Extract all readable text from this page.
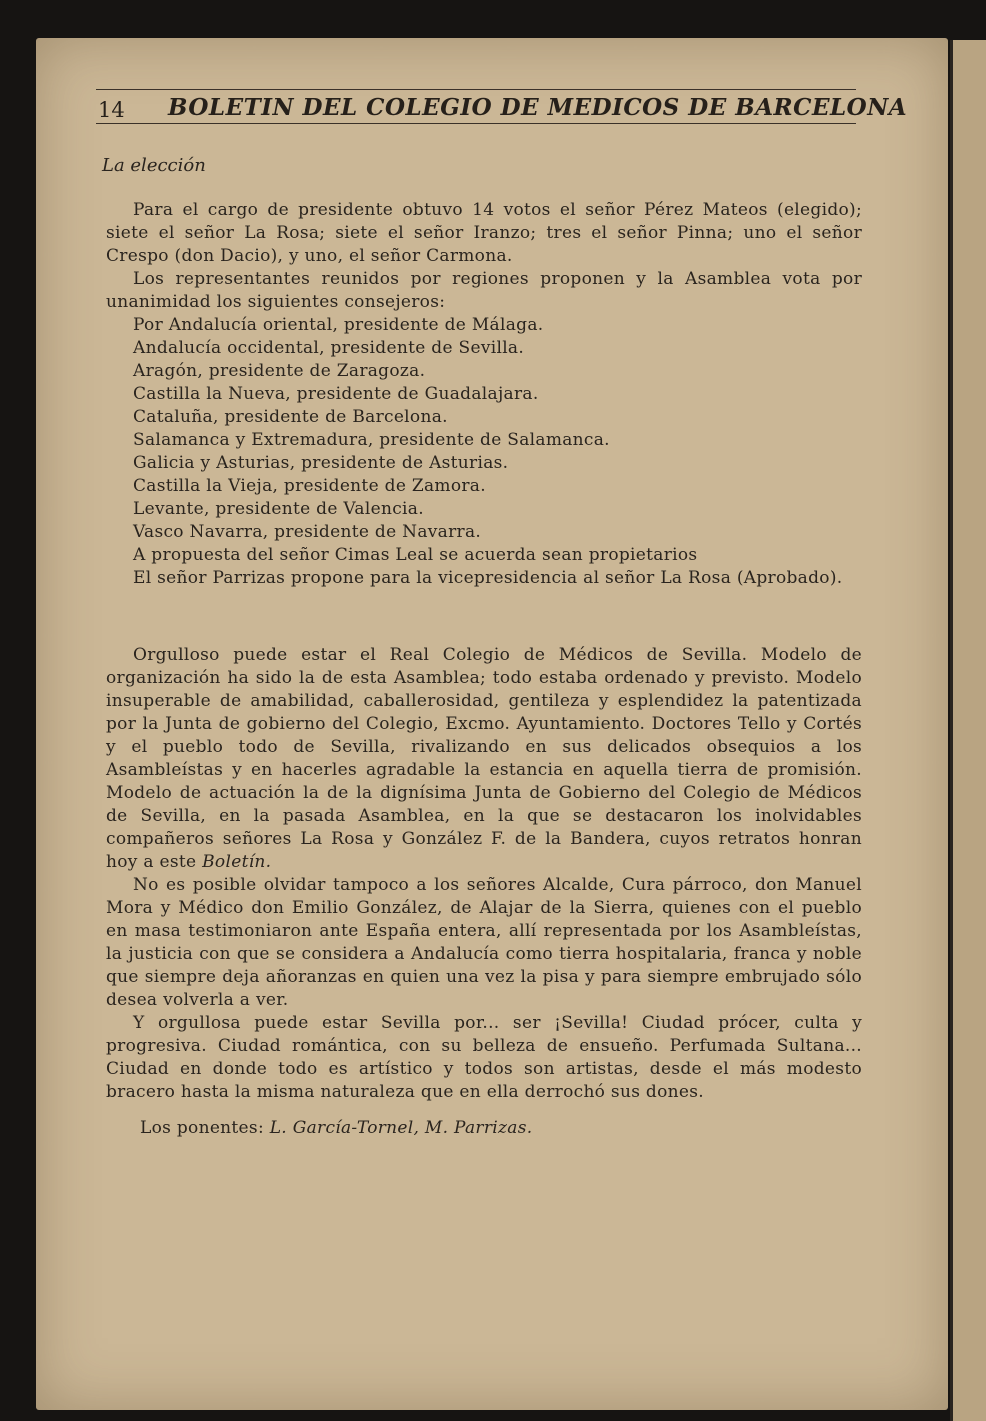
14 BOLETIN DEL COLEGIO DE MEDICOS DE BARCELONA
La elección

Para el cargo de presidente obtuvo 14 votos el señor Pérez Mateos (elegido); siete el señor La Rosa; siete el señor Iranzo; tres el señor Pinna; uno el señor Crespo (don Dacio), y uno, el señor Carmona.

Los representantes reunidos por regiones proponen y la Asamblea vota por unanimidad los siguientes consejeros:

Por Andalucía oriental, presidente de Málaga.

Andalucía occidental, presidente de Sevilla.

Aragón, presidente de Zaragoza.

Castilla la Nueva, presidente de Guadalajara.

Cataluña, presidente de Barcelona.

Salamanca y Extremadura, presidente de Salamanca.

Galicia y Asturias, presidente de Asturias.

Castilla la Vieja, presidente de Zamora.

Levante, presidente de Valencia.

Vasco Navarra, presidente de Navarra.

A propuesta del señor Cimas Leal se acuerda sean propietarios

El señor Parrizas propone para la vicepresidencia al señor La Rosa (Aprobado).

Orgulloso puede estar el Real Colegio de Médicos de Sevilla. Modelo de organización ha sido la de esta Asamblea; todo estaba ordenado y previsto. Modelo insuperable de amabilidad, caballerosidad, gentileza y esplendidez la patentizada por la Junta de gobierno del Colegio, Excmo. Ayuntamiento. Doctores Tello y Cortés y el pueblo todo de Sevilla, rivalizando en sus delicados obsequios a los Asambleístas y en hacerles agradable la estancia en aquella tierra de promisión. Modelo de actuación la de la dignísima Junta de Gobierno del Colegio de Médicos de Sevilla, en la pasada Asamblea, en la que se destacaron los inolvidables compañeros señores La Rosa y González F. de la Bandera, cuyos retratos honran hoy a este Boletín.

No es posible olvidar tampoco a los señores Alcalde, Cura párroco, don Manuel Mora y Médico don Emilio González, de Alajar de la Sierra, quienes con el pueblo en masa testimoniaron ante España entera, allí representada por los Asambleístas, la justicia con que se considera a Andalucía como tierra hospitalaria, franca y noble que siempre deja añoranzas en quien una vez la pisa y para siempre embrujado sólo desea volverla a ver.

Y orgullosa puede estar Sevilla por... ser ¡Sevilla! Ciudad prócer, culta y progresiva. Ciudad romántica, con su belleza de ensueño. Perfumada Sultana... Ciudad en donde todo es artístico y todos son artistas, desde el más modesto bracero hasta la misma naturaleza que en ella derrochó sus dones.

Los ponentes: L. García-Tornel, M. Parrizas.
